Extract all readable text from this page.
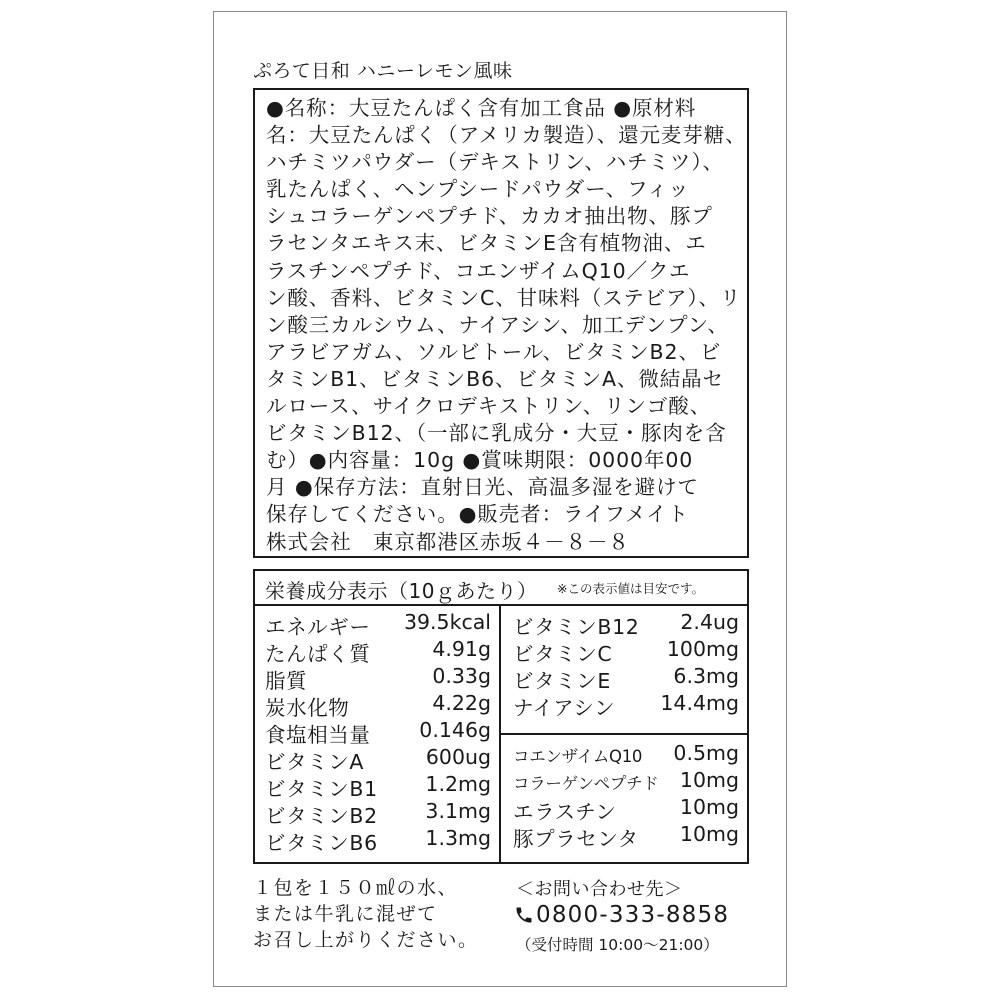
ぷろて日和 ハニーレモン風味

●名称：大豆たんぱく含有加工食品 ●原材料

名：大豆たんぱく（アメリカ製造）、還元麦芽糖、

ハチミツパウダー（デキストリン、ハチミツ）、

乳たんぱく、ヘンプシードパウダー、フィッ

シュコラーゲンペプチド、カカオ抽出物、豚プ

ラセンタエキス末、ビタミンE含有植物油、エ

ラスチンペプチド、コエンザイムQ10／クエ

ン酸、香料、ビタミンC、甘味料（ステビア）、リ

ン酸三カルシウム、ナイアシン、加工デンプン、

アラビアガム、ソルビトール、ビタミンB2、ビ

タミンB1、ビタミンB6、ビタミンA、微結晶セ

ルロース、サイクロデキストリン、リンゴ酸、

ビタミンB12、（一部に乳成分・大豆・豚肉を含

む）●内容量：10g ●賞味期限：0000年00

月 ●保存方法：直射日光、高温多湿を避けて

保存してください。●販売者：ライフメイト

株式会社　東京都港区赤坂４－８－８

栄養成分表示（10ｇあたり） ※この表示値は目安です。
エネルギー 39.5kcal
たんぱく質	4.91g
脂質	0.33g
炭水化物	4.22g
食塩相当量 0.146g
ビタミンA	600ug
ビタミンB1 1.2mg
ビタミンB2 3.1mg
ビタミンB6 1.3mg
ビタミンB12 2.4ug
ビタミンC	100mg
ビタミンE	6.3mg
ナイアシン 14.4mg
コエンザイムQ10 0.5mg
コラーゲンペプチド 10mg
エラスチン	10mg
豚プラセンタ 10mg

１包を１５０㎖の水、

または牛乳に混ぜて

お召し上がりください。

＜お問い合わせ先＞
0800-333-8858
（受付時間 10:00～21:00）
